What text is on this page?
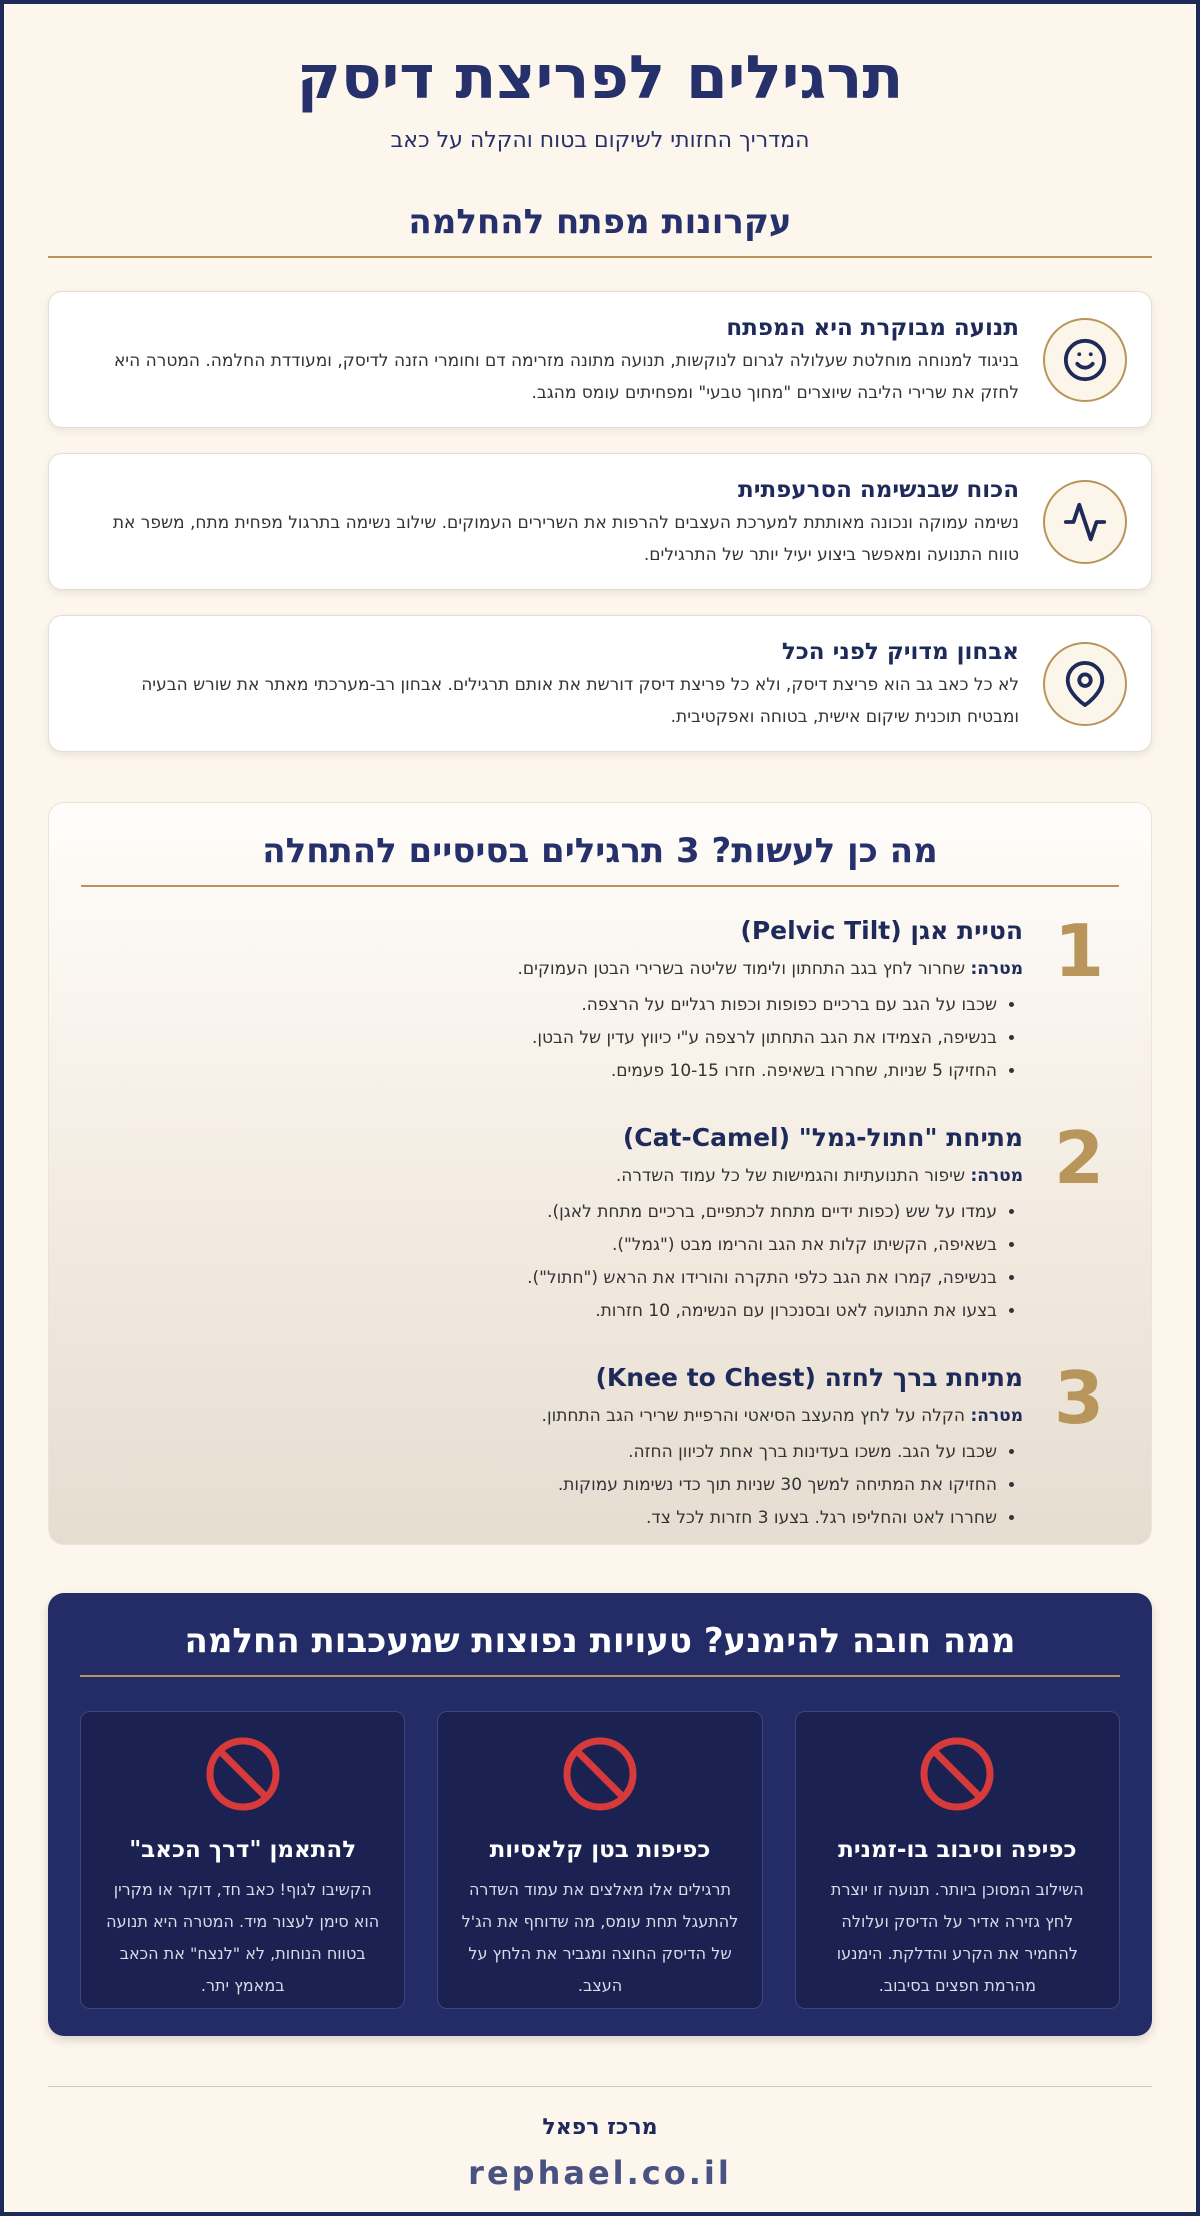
תרגילים לפריצת דיסק
המדריך החזותי לשיקום בטוח והקלה על כאב
עקרונות מפתח להחלמה
תנועה מבוקרת היא המפתח
בניגוד למנוחה מוחלטת שעלולה לגרום לנוקשות, תנועה מתונה מזרימה דם וחומרי הזנה לדיסק, ומעודדת החלמה. המטרה היא לחזק את שרירי הליבה שיוצרים "מחוך טבעי" ומפחיתים עומס מהגב.
הכוח שבנשימה הסרעפתית
נשימה עמוקה ונכונה מאותתת למערכת העצבים להרפות את השרירים העמוקים. שילוב נשימה בתרגול מפחית מתח, משפר את טווח התנועה ומאפשר ביצוע יעיל יותר של התרגילים.
אבחון מדויק לפני הכל
לא כל כאב גב הוא פריצת דיסק, ולא כל פריצת דיסק דורשת את אותם תרגילים. אבחון רב-מערכתי מאתר את שורש הבעיה ומבטיח תוכנית שיקום אישית, בטוחה ואפקטיבית.
מה כן לעשות? 3 תרגילים בסיסיים להתחלה
1
הטיית אגן (Pelvic Tilt)
מטרה: שחרור לחץ בגב התחתון ולימוד שליטה בשרירי הבטן העמוקים.
• שכבו על הגב עם ברכיים כפופות וכפות רגליים על הרצפה.
• בנשיפה, הצמידו את הגב התחתון לרצפה ע"י כיווץ עדין של הבטן.
• החזיקו 5 שניות, שחררו בשאיפה. חזרו 10-15 פעמים.
2
מתיחת "חתול-גמל" (Cat-Camel)
מטרה: שיפור התנועתיות והגמישות של כל עמוד השדרה.
• עמדו על שש (כפות ידיים מתחת לכתפיים, ברכיים מתחת לאגן).
• בשאיפה, הקשיתו קלות את הגב והרימו מבט ("גמל").
• בנשיפה, קמרו את הגב כלפי התקרה והורידו את הראש ("חתול").
• בצעו את התנועה לאט ובסנכרון עם הנשימה, 10 חזרות.
3
מתיחת ברך לחזה (Knee to Chest)
מטרה: הקלה על לחץ מהעצב הסיאטי והרפיית שרירי הגב התחתון.
• שכבו על הגב. משכו בעדינות ברך אחת לכיוון החזה.
• החזיקו את המתיחה למשך 30 שניות תוך כדי נשימות עמוקות.
• שחררו לאט והחליפו רגל. בצעו 3 חזרות לכל צד.
ממה חובה להימנע? טעויות נפוצות שמעכבות החלמה
כפיפה וסיבוב בו-זמנית
השילוב המסוכן ביותר. תנועה זו יוצרת לחץ גזירה אדיר על הדיסק ועלולה להחמיר את הקרע והדלקת. הימנעו מהרמת חפצים בסיבוב.
כפיפות בטן קלאסיות
תרגילים אלו מאלצים את עמוד השדרה להתעגל תחת עומס, מה שדוחף את הג'ל של הדיסק החוצה ומגביר את הלחץ על העצב.
להתאמן "דרך הכאב"
הקשיבו לגוף! כאב חד, דוקר או מקרין הוא סימן לעצור מיד. המטרה היא תנועה בטווח הנוחות, לא "לנצח" את הכאב במאמץ יתר.
מרכז רפאל
rephael.co.il
